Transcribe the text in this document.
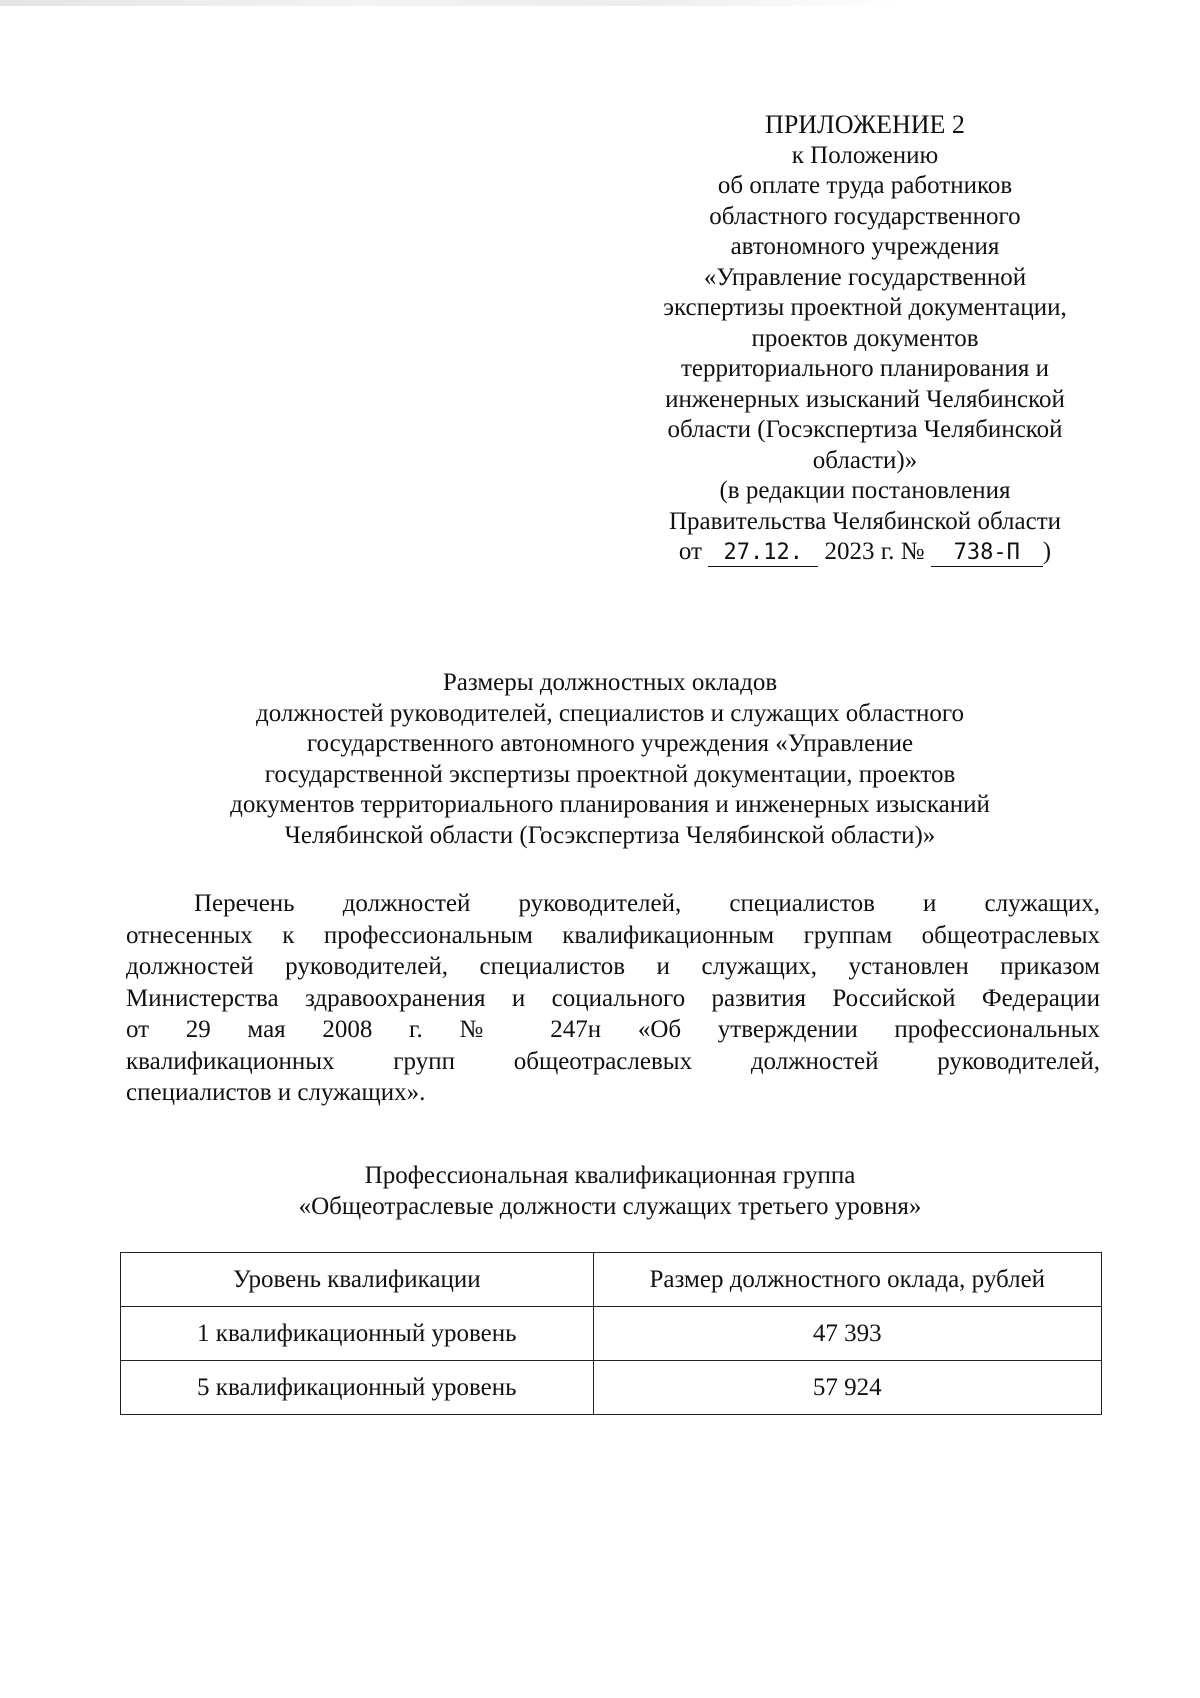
ПРИЛОЖЕНИЕ 2
к Положению
об оплате труда работников
областного государственного
автономного учреждения
«Управление государственной
экспертизы проектной документации,
проектов документов
территориального планирования и
инженерных изысканий Челябинской
области (Госэкспертиза Челябинской
области)»
(в редакции постановления
Правительства Челябинской области
от 27.12. 2023 г. № 738-П )
Размеры должностных окладов
должностей руководителей, специалистов и служащих областного
государственного автономного учреждения «Управление
государственной экспертизы проектной документации, проектов
документов территориального планирования и инженерных изысканий
Челябинской области (Госэкспертиза Челябинской области)»
Перечень должностей руководителей, специалистов и служащих,
отнесенных к профессиональным квалификационным группам общеотраслевых
должностей руководителей, специалистов и служащих, установлен приказом
Министерства здравоохранения и социального развития Российской Федерации
от 29 мая 2008 г. № 247н «Об утверждении профессиональных
квалификационных групп общеотраслевых должностей руководителей,
специалистов и служащих».
Профессиональная квалификационная группа
«Общеотраслевые должности служащих третьего уровня»
Уровень квалификации	Размер должностного оклада, рублей
1 квалификационный уровень	47 393
5 квалификационный уровень	57 924
